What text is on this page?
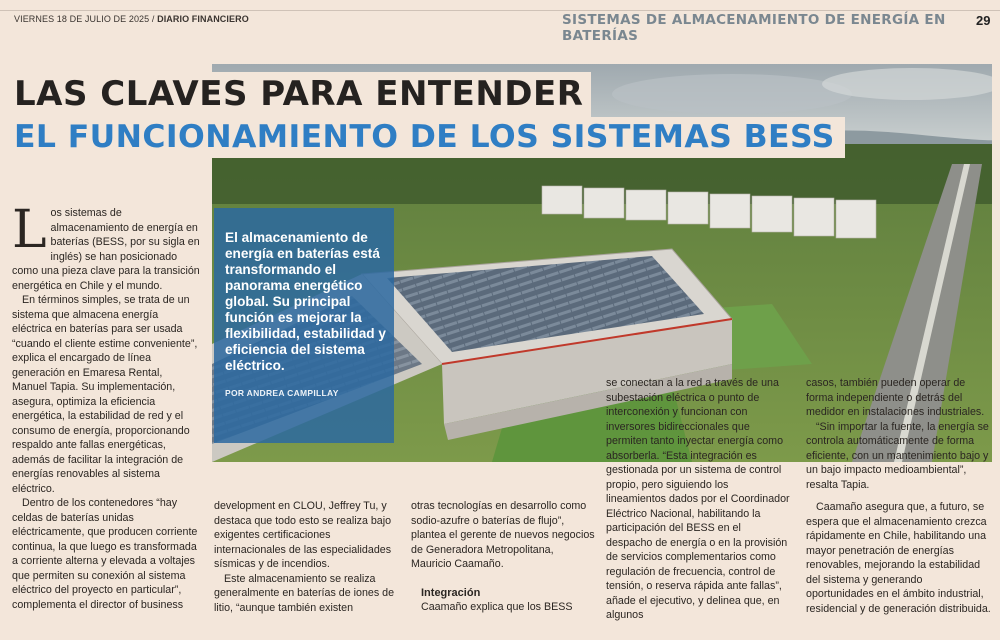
VIERNES 18 DE JULIO DE 2025 / DIARIO FINANCIERO	SISTEMAS DE ALMACENAMIENTO DE ENERGÍA EN BATERÍAS
29
LAS CLAVES PARA ENTENDER
EL FUNCIONAMIENTO DE LOS SISTEMAS BESS
El almacenamiento de energía en baterías está transformando el panorama energético global. Su principal función es mejorar la flexibilidad, estabilidad y eficiencia del sistema eléctrico.
POR ANDREA CAMPILLAY

Los sistemas de almacenamiento de energía en baterías (BESS, por su sigla en inglés) se han posicionado como una pieza clave para la transición energética en Chile y el mundo.

En términos simples, se trata de un sistema que almacena energía eléctrica en baterías para ser usada “cuando el cliente estime conveniente”, explica el encargado de línea generación en Emaresa Rental, Manuel Tapia. Su implementación, asegura, optimiza la eficiencia energética, la estabilidad de red y el consumo de energía, proporcionando respaldo ante fallas energéticas, además de facilitar la integración de energías renovables al sistema eléctrico.

Dentro de los contenedores “hay celdas de baterías unidas eléctricamente, que producen corriente continua, la que luego es transformada a corriente alterna y elevada a voltajes que permiten su conexión al sistema eléctrico del proyecto en particular”, complementa el director of business

development en CLOU, Jeffrey Tu, y destaca que todo esto se realiza bajo exigentes certificaciones internacionales de las especialidades sísmicas y de incendios.

Este almacenamiento se realiza generalmente en baterías de iones de litio, “aunque también existen

otras tecnologías en desarrollo como sodio-azufre o baterías de flujo”, plantea el gerente de nuevos negocios de Generadora Metropolitana, Mauricio Caamaño.

Integración

Caamaño explica que los BESS

se conectan a la red a través de una subestación eléctrica o punto de interconexión y funcionan con inversores bidireccionales que permiten tanto inyectar energía como absorberla. “Esta integración es gestionada por un sistema de control propio, pero siguiendo los lineamientos dados por el Coordinador Eléctrico Nacional, habilitando la participación del BESS en el despacho de energía o en la provisión de servicios complementarios como regulación de frecuencia, control de tensión, o reserva rápida ante fallas”, añade el ejecutivo, y delinea que, en algunos

casos, también pueden operar de forma independiente o detrás del medidor en instalaciones industriales.

“Sin importar la fuente, la energía se controla automáticamente de forma eficiente, con un mantenimiento bajo y un bajo impacto medioambiental”, resalta Tapia.

Caamaño asegura que, a futuro, se espera que el almacenamiento crezca rápidamente en Chile, habilitando una mayor penetración de energías renovables, mejorando la estabilidad del sistema y generando oportunidades en el ámbito industrial, residencial y de generación distribuida.
